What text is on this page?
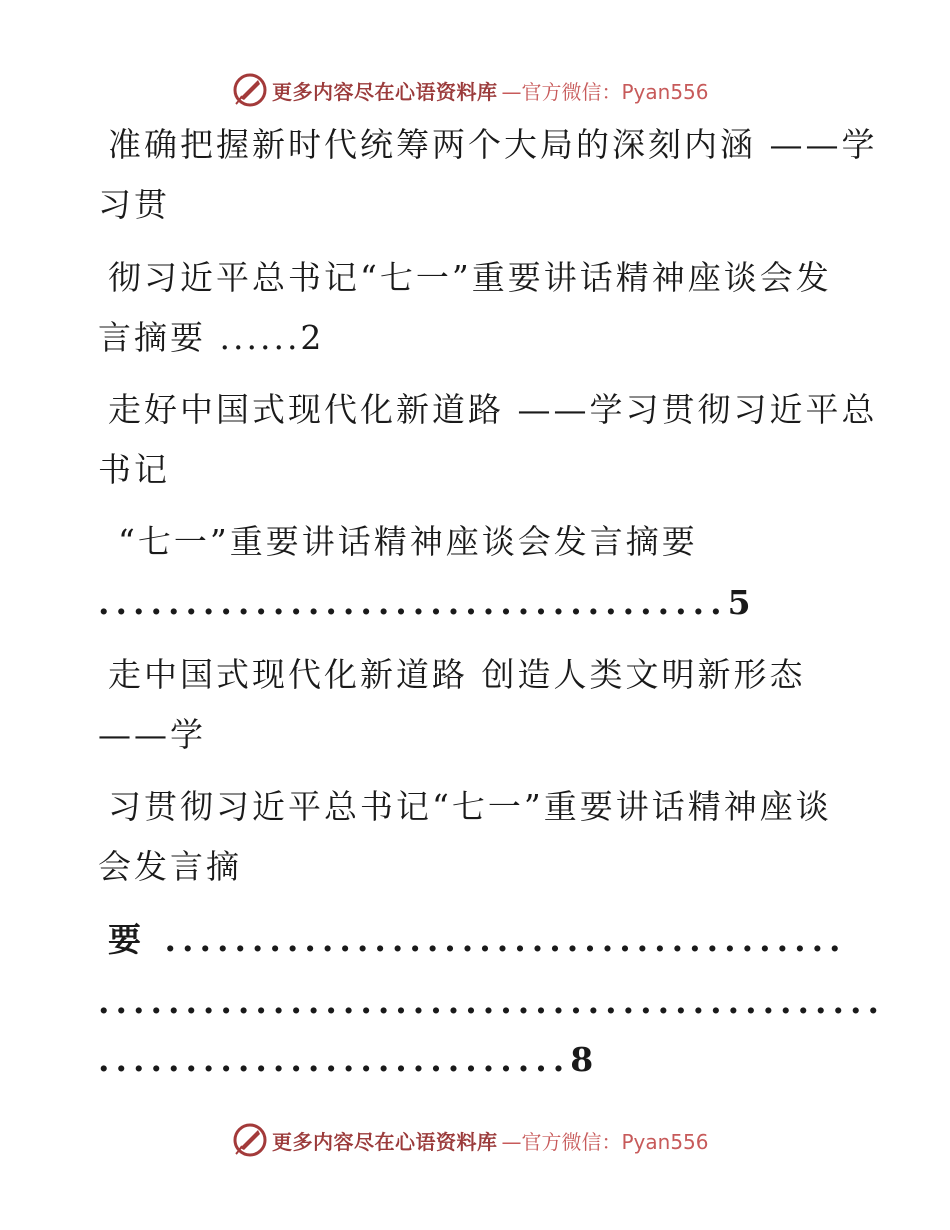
更多内容尽在心语资料库 —官方微信：Pyan556
准确把握新时代统筹两个大局的深刻内涵 ——学
习贯
彻习近平总书记“七一”重要讲话精神座谈会发
言摘要 ......2
走好中国式现代化新道路 ——学习贯彻习近平总
书记
“七一”重要讲话精神座谈会发言摘要
....................................5
走中国式现代化新道路 创造人类文明新形态
——学
习贯彻习近平总书记“七一”重要讲话精神座谈
会发言摘
要 .......................................
.............................................
...........................8
更多内容尽在心语资料库 —官方微信：Pyan556
